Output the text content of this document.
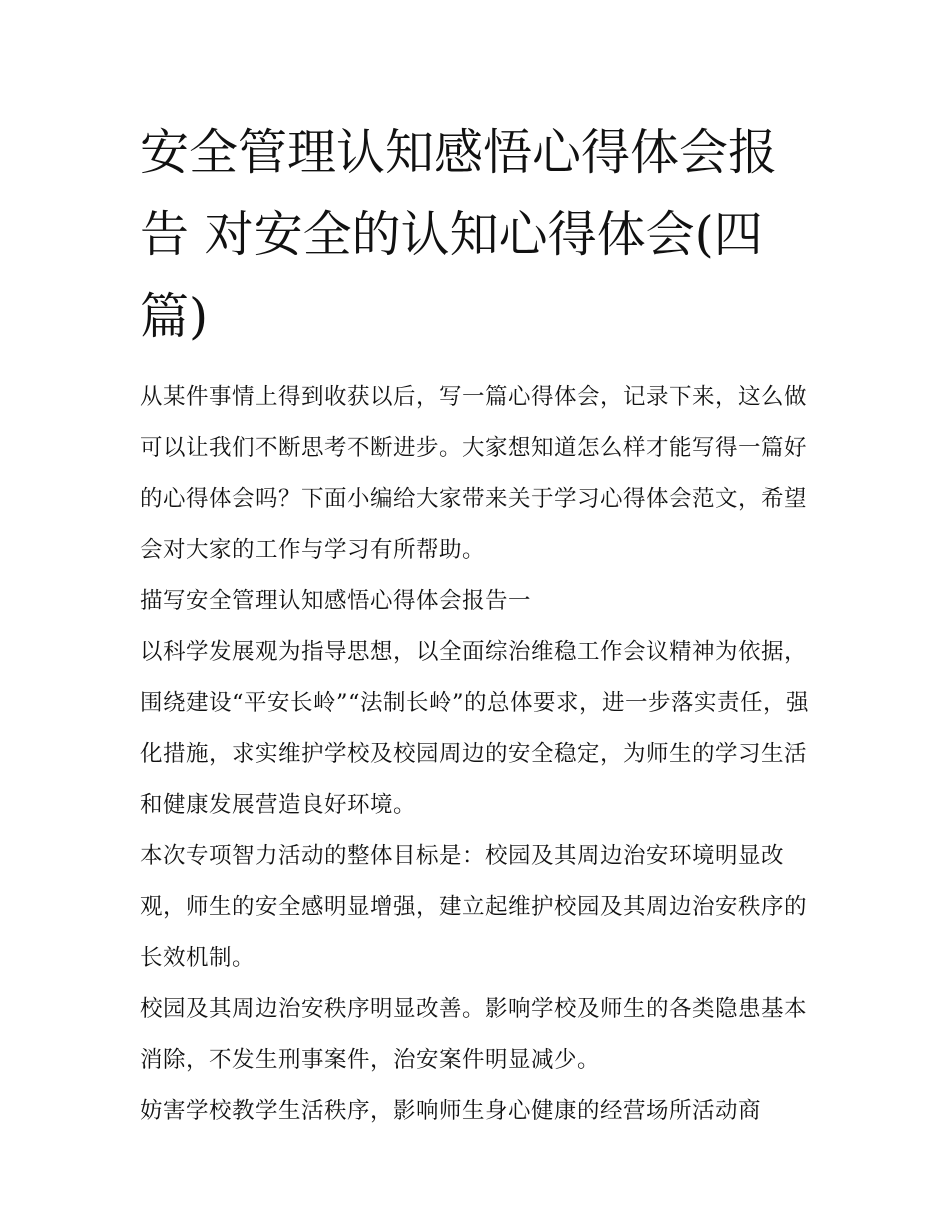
安全管理认知感悟心得体会报告 对安全的认知心得体会(四篇)

从某件事情上得到收获以后，写一篇心得体会，记录下来，这么做可以让我们不断思考不断进步。大家想知道怎么样才能写得一篇好的心得体会吗？下面小编给大家带来关于学习心得体会范文，希望会对大家的工作与学习有所帮助。

描写安全管理认知感悟心得体会报告一

以科学发展观为指导思想，以全面综治维稳工作会议精神为依据，围绕建设“平安长岭”“法制长岭”的总体要求，进一步落实责任，强化措施，求实维护学校及校园周边的安全稳定，为师生的学习生活和健康发展营造良好环境。

本次专项智力活动的整体目标是：校园及其周边治安环境明显改观，师生的安全感明显增强，建立起维护校园及其周边治安秩序的长效机制。

校园及其周边治安秩序明显改善。影响学校及师生的各类隐患基本消除，不发生刑事案件，治安案件明显减少。

妨害学校教学生活秩序，影响师生身心健康的经营场所活动商
